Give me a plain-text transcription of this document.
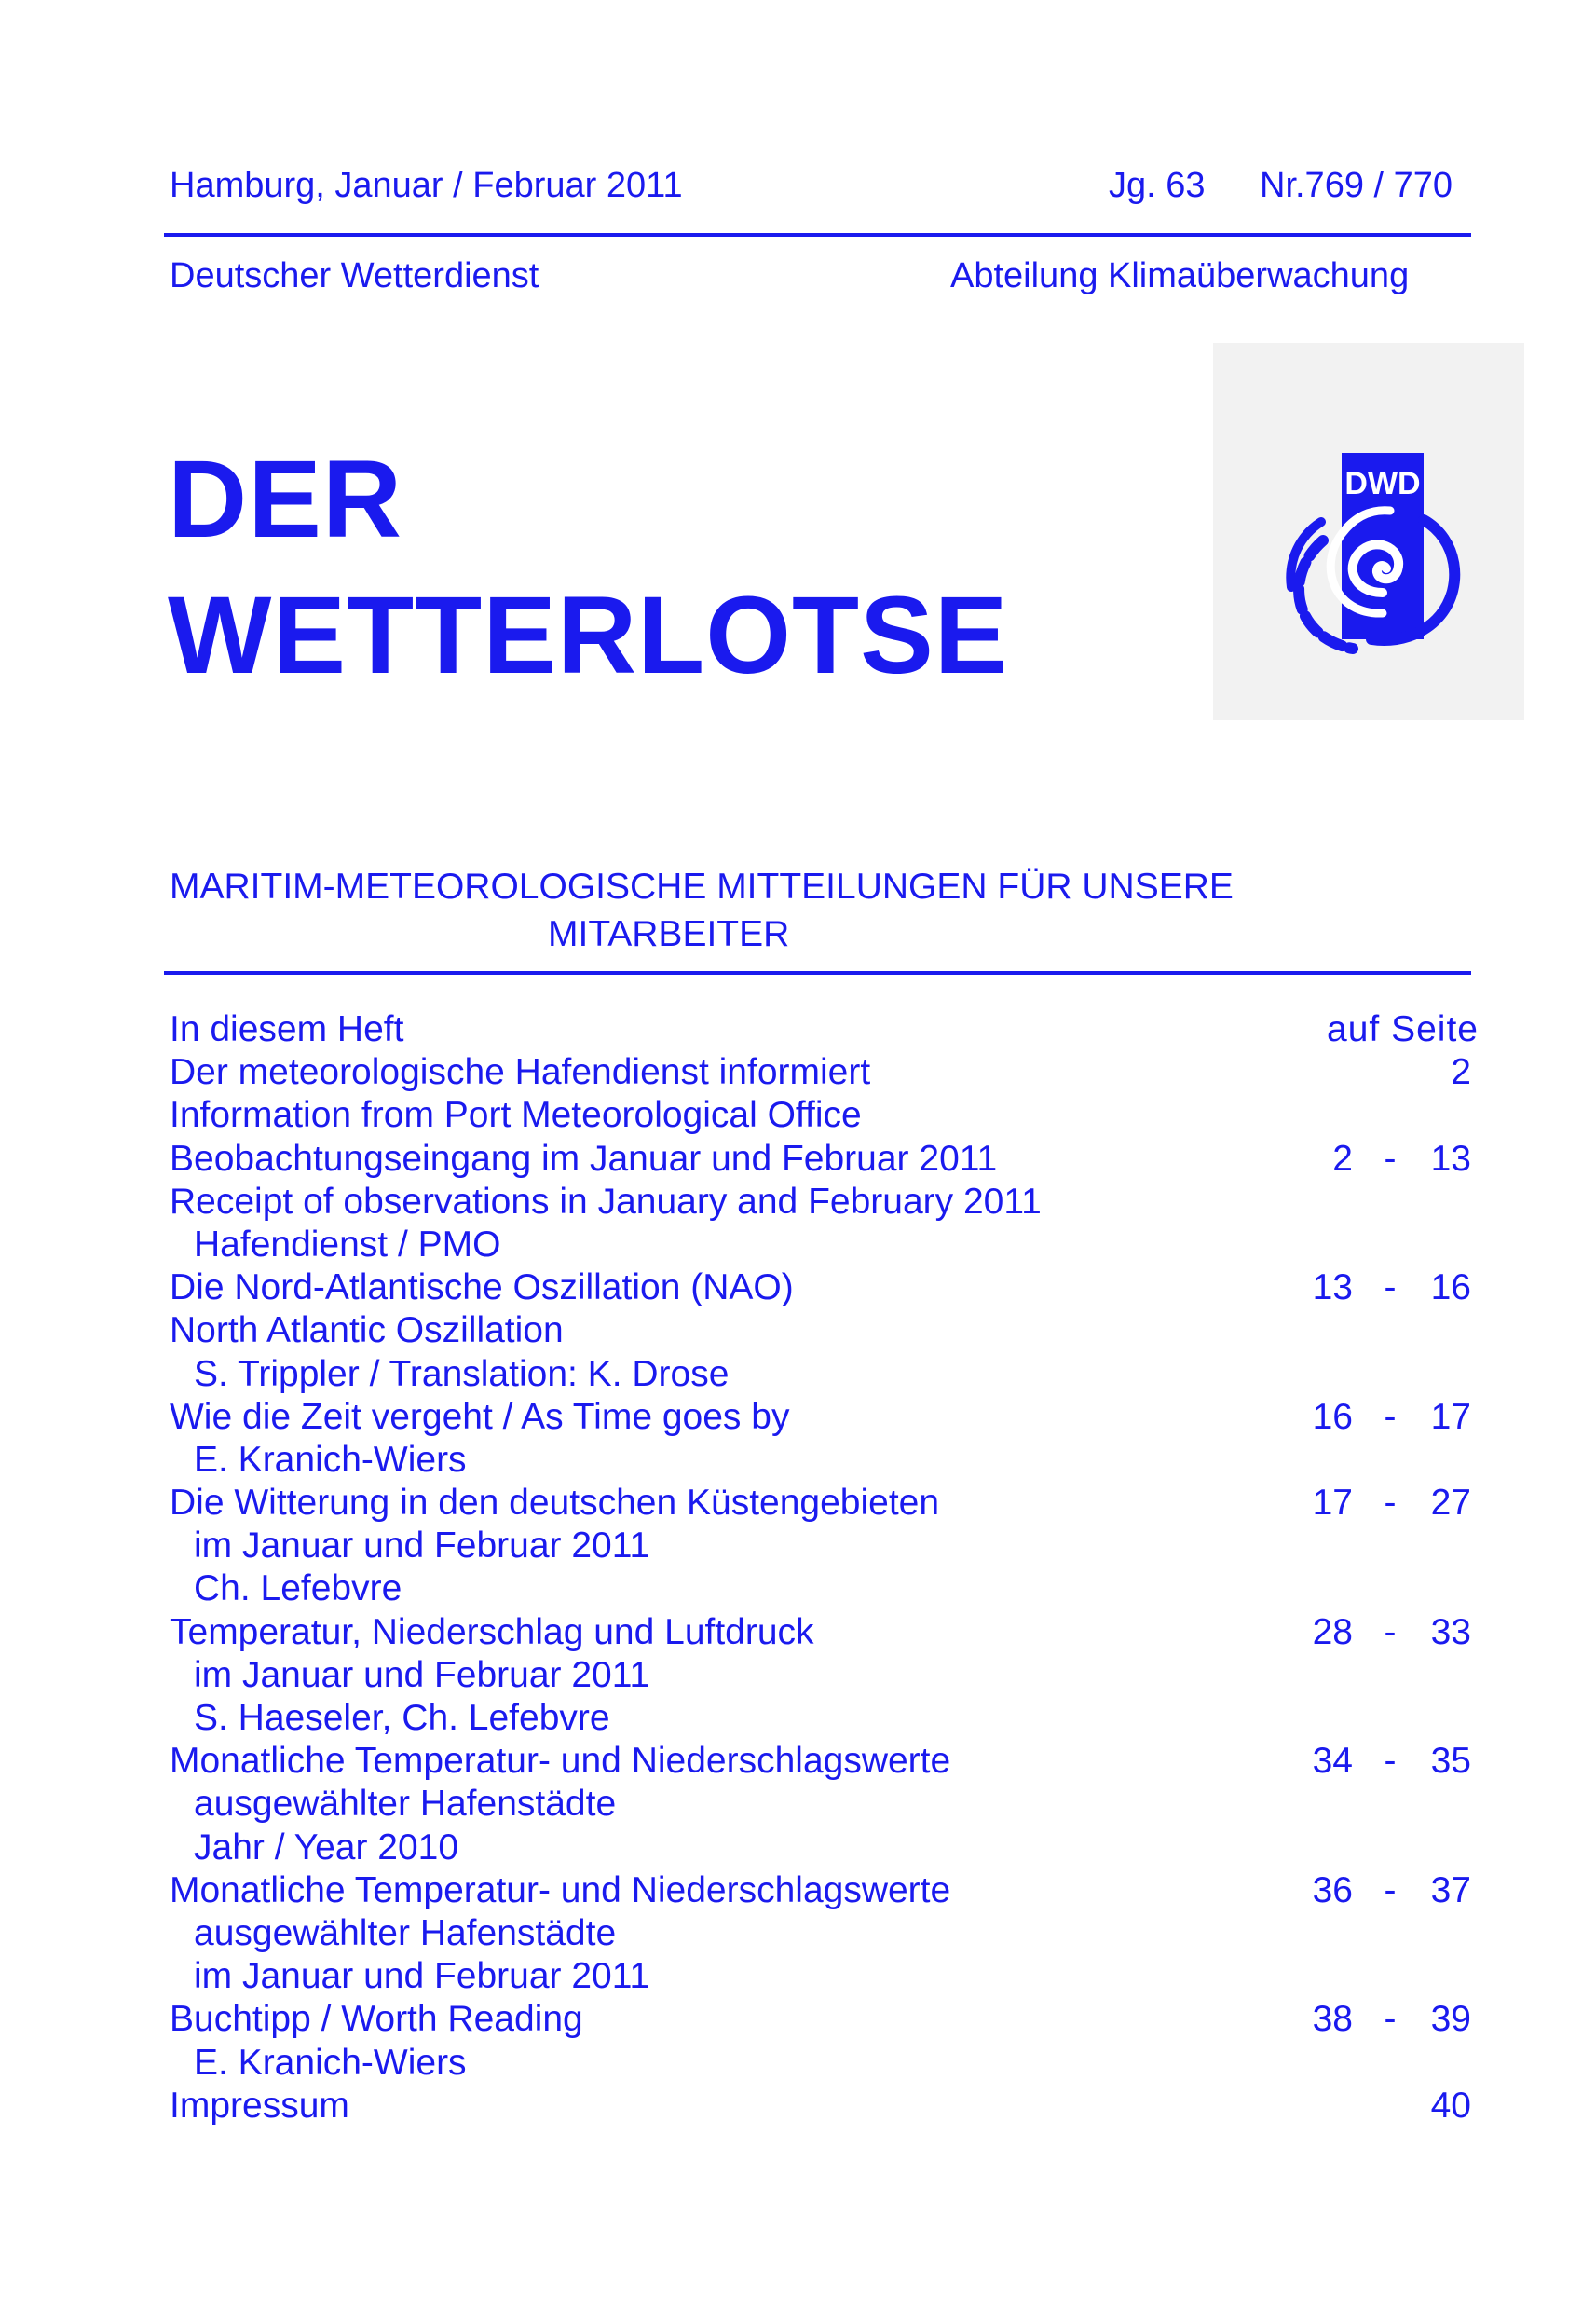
Hamburg, Januar / Februar 2011	Jg. 63 Nr.769 / 770
Deutscher Wetterdienst	Abteilung Klimaüberwachung
DER
WETTERLOTSE
DWD
MARITIM-METEOROLOGISCHE MITTEILUNGEN FÜR UNSERE
MITARBEITER
In diesem Heft	auf Seite
Der meteorologische Hafendienst informiert	2
Information from Port Meteorological Office
Beobachtungseingang im Januar und Februar 2011	2 - 13
Receipt of observations in January and February 2011
Hafendienst / PMO
Die Nord-Atlantische Oszillation (NAO)	13 - 16
North Atlantic Oszillation
S. Trippler / Translation: K. Drose
Wie die Zeit vergeht / As Time goes by	16 - 17
E. Kranich-Wiers
Die Witterung in den deutschen Küstengebieten	17 - 27
im Januar und Februar 2011
Ch. Lefebvre
Temperatur, Niederschlag und Luftdruck	28 - 33
im Januar und Februar 2011
S. Haeseler, Ch. Lefebvre
Monatliche Temperatur- und Niederschlagswerte	34 - 35
ausgewählter Hafenstädte
Jahr / Year 2010
Monatliche Temperatur- und Niederschlagswerte	36 - 37
ausgewählter Hafenstädte
im Januar und Februar 2011
Buchtipp / Worth Reading	38 - 39
E. Kranich-Wiers
Impressum	40
